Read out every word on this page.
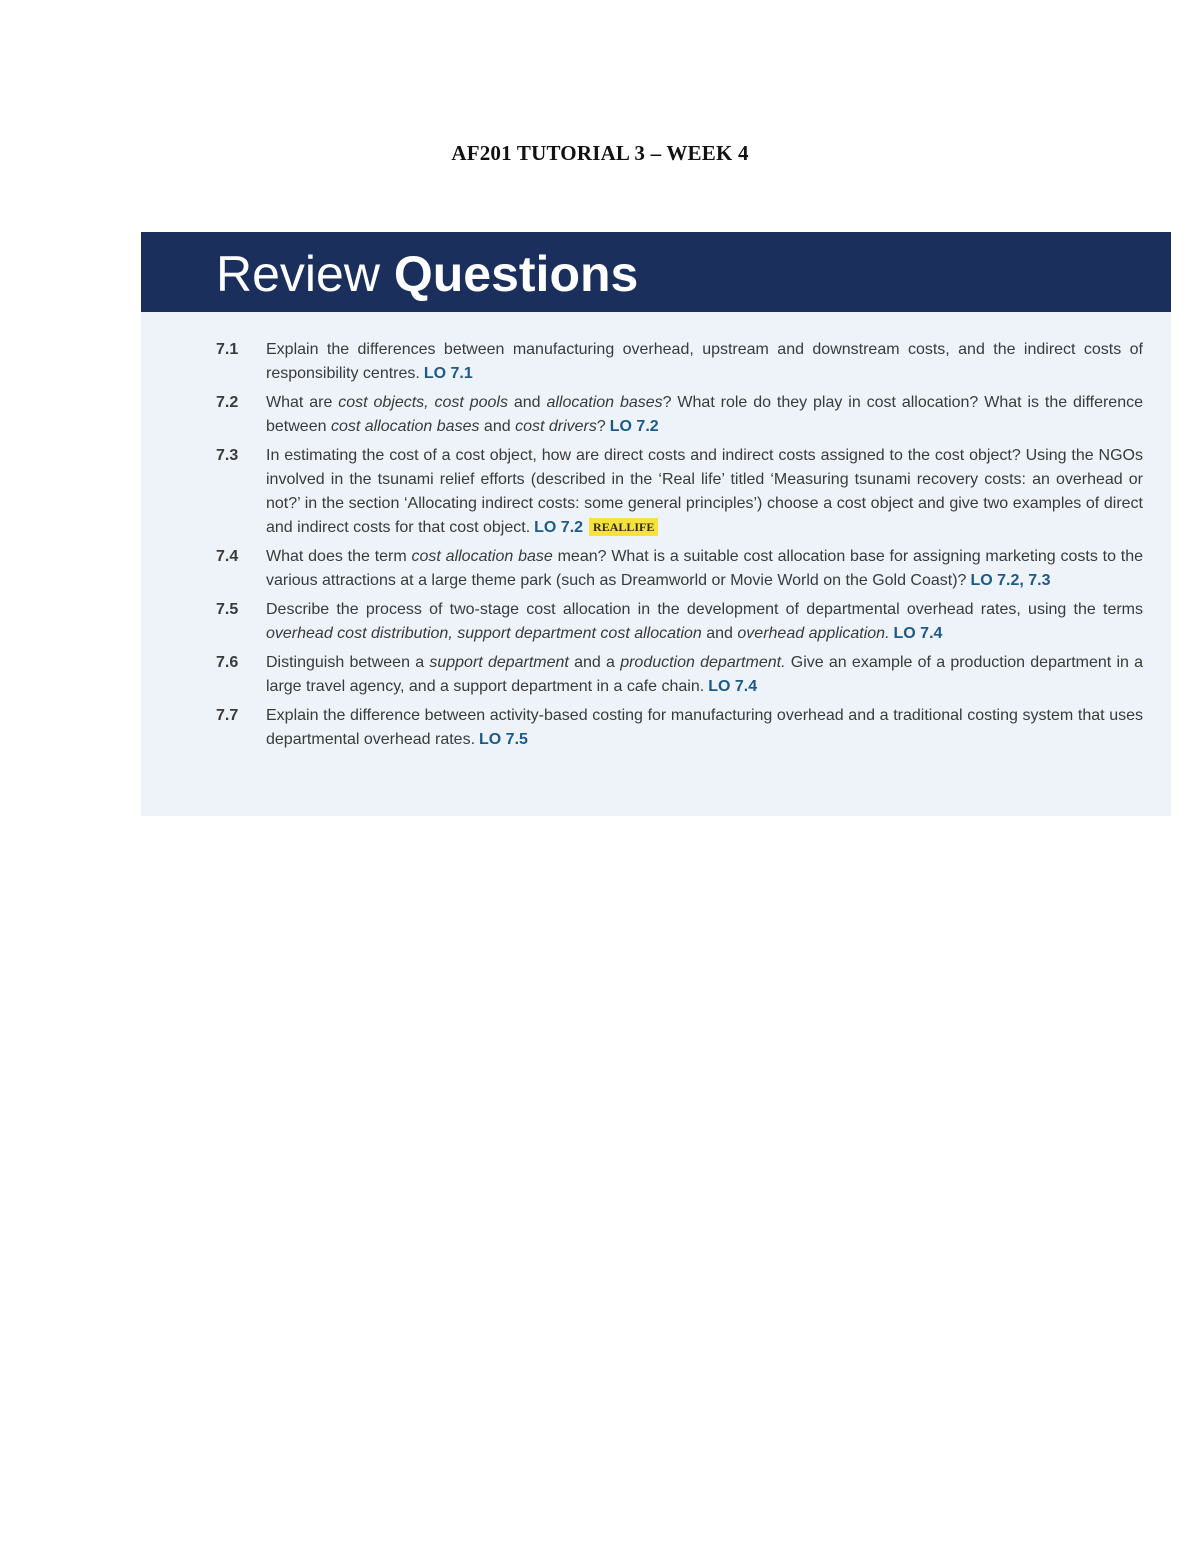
AF201 TUTORIAL 3 – WEEK 4
Review Questions
7.1	Explain the differences between manufacturing overhead, upstream and downstream costs, and the indirect costs of responsibility centres. LO 7.1
7.2	What are cost objects, cost pools and allocation bases? What role do they play in cost allocation? What is the difference between cost allocation bases and cost drivers? LO 7.2
7.3	In estimating the cost of a cost object, how are direct costs and indirect costs assigned to the cost object? Using the NGOs involved in the tsunami relief efforts (described in the ‘Real life’ titled ‘Measuring tsunami recovery costs: an overhead or not?’ in the section ‘Allocating indirect costs: some general principles’) choose a cost object and give two examples of direct and indirect costs for that cost object. LO 7.2 REALLIFE
7.4	What does the term cost allocation base mean? What is a suitable cost allocation base for assigning marketing costs to the various attractions at a large theme park (such as Dreamworld or Movie World on the Gold Coast)? LO 7.2, 7.3
7.5	Describe the process of two-stage cost allocation in the development of departmental overhead rates, using the terms overhead cost distribution, support department cost allocation and overhead application. LO 7.4
7.6	Distinguish between a support department and a production department. Give an example of a production department in a large travel agency, and a support department in a cafe chain. LO 7.4
7.7	Explain the difference between activity-based costing for manufacturing overhead and a traditional costing system that uses departmental overhead rates. LO 7.5
